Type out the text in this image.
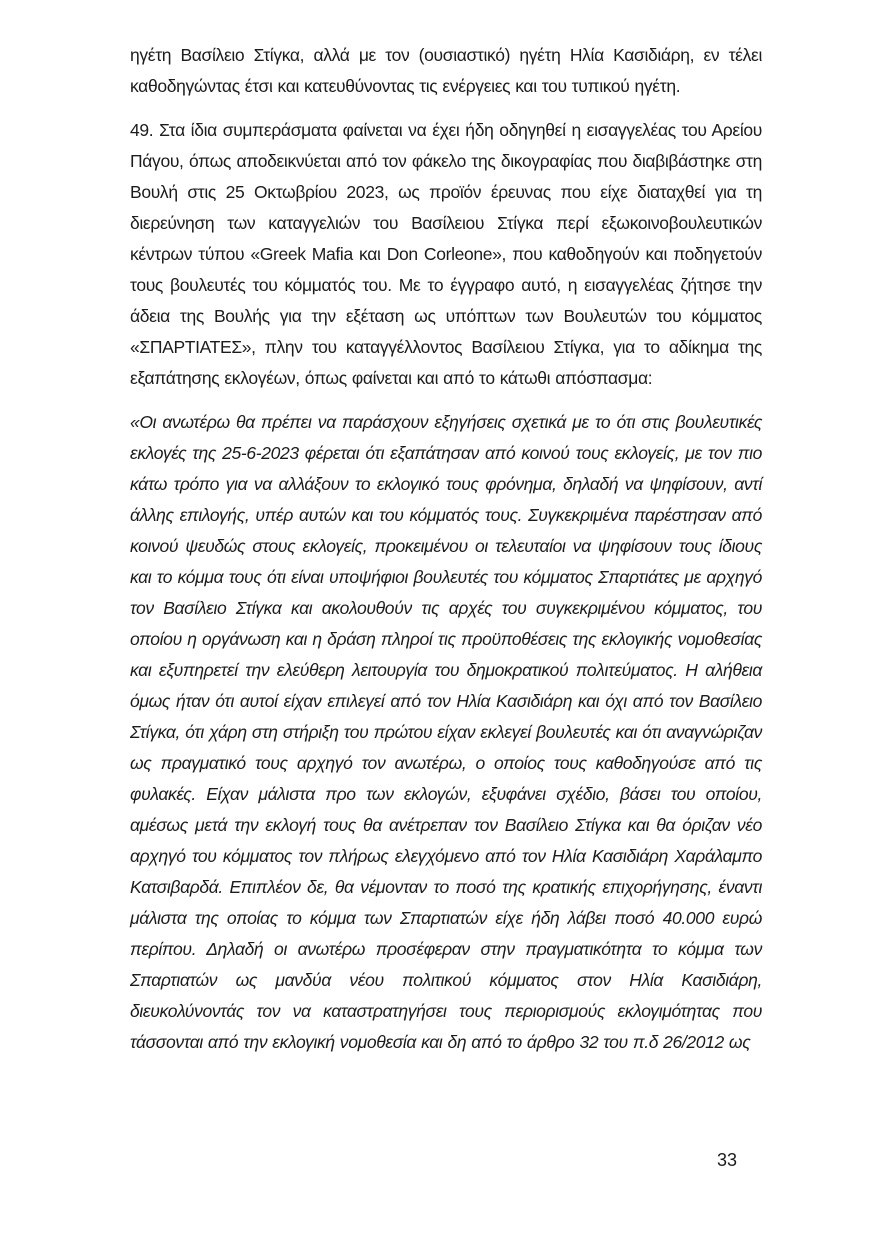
ηγέτη Βασίλειο Στίγκα, αλλά με τον (ουσιαστικό) ηγέτη Ηλία Κασιδιάρη, εν τέλει καθοδηγώντας έτσι και κατευθύνοντας τις ενέργειες και του τυπικού ηγέτη.

49. Στα ίδια συμπεράσματα φαίνεται να έχει ήδη οδηγηθεί η εισαγγελέας του Αρείου Πάγου, όπως αποδεικνύεται από τον φάκελο της δικογραφίας που διαβιβάστηκε στη Βουλή στις 25 Οκτωβρίου 2023, ως προϊόν έρευνας που είχε διαταχθεί για τη διερεύνηση των καταγγελιών του Βασίλειου Στίγκα περί εξωκοινοβουλευτικών κέντρων τύπου «Greek Mafia και Don Corleone», που καθοδηγούν και ποδηγετούν τους βουλευτές του κόμματός του. Με το έγγραφο αυτό, η εισαγγελέας ζήτησε την άδεια της Βουλής για την εξέταση ως υπόπτων των Βουλευτών του κόμματος «ΣΠΑΡΤΙΑΤΕΣ», πλην του καταγγέλλοντος Βασίλειου Στίγκα, για το αδίκημα της εξαπάτησης εκλογέων, όπως φαίνεται και από το κάτωθι απόσπασμα:

«Οι ανωτέρω θα πρέπει να παράσχουν εξηγήσεις σχετικά με το ότι στις βουλευτικές εκλογές της 25-6-2023 φέρεται ότι εξαπάτησαν από κοινού τους εκλογείς, με τον πιο κάτω τρόπο για να αλλάξουν το εκλογικό τους φρόνημα, δηλαδή να ψηφίσουν, αντί άλλης επιλογής, υπέρ αυτών και του κόμματός τους. Συγκεκριμένα παρέστησαν από κοινού ψευδώς στους εκλογείς, προκειμένου οι τελευταίοι να ψηφίσουν τους ίδιους και το κόμμα τους ότι είναι υποψήφιοι βουλευτές του κόμματος Σπαρτιάτες με αρχηγό τον Βασίλειο Στίγκα και ακολουθούν τις αρχές του συγκεκριμένου κόμματος, του οποίου η οργάνωση και η δράση πληροί τις προϋποθέσεις της εκλογικής νομοθεσίας και εξυπηρετεί την ελεύθερη λειτουργία του δημοκρατικού πολιτεύματος. Η αλήθεια όμως ήταν ότι αυτοί είχαν επιλεγεί από τον Ηλία Κασιδιάρη και όχι από τον Βασίλειο Στίγκα, ότι χάρη στη στήριξη του πρώτου είχαν εκλεγεί βουλευτές και ότι αναγνώριζαν ως πραγματικό τους αρχηγό τον ανωτέρω, ο οποίος τους καθοδηγούσε από τις φυλακές. Είχαν μάλιστα προ των εκλογών, εξυφάνει σχέδιο, βάσει του οποίου, αμέσως μετά την εκλογή τους θα ανέτρεπαν τον Βασίλειο Στίγκα και θα όριζαν νέο αρχηγό του κόμματος τον πλήρως ελεγχόμενο από τον Ηλία Κασιδιάρη Χαράλαμπο Κατσιβαρδά. Επιπλέον δε, θα νέμονταν το ποσό της κρατικής επιχορήγησης, έναντι μάλιστα της οποίας το κόμμα των Σπαρτιατών είχε ήδη λάβει ποσό 40.000 ευρώ περίπου. Δηλαδή οι ανωτέρω προσέφεραν στην πραγματικότητα το κόμμα των Σπαρτιατών ως μανδύα νέου πολιτικού κόμματος στον Ηλία Κασιδιάρη, διευκολύνοντάς τον να καταστρατηγήσει τους περιορισμούς εκλογιμότητας που τάσσονται από την εκλογική νομοθεσία και δη από το άρθρο 32 του π.δ 26/2012 ως

33
